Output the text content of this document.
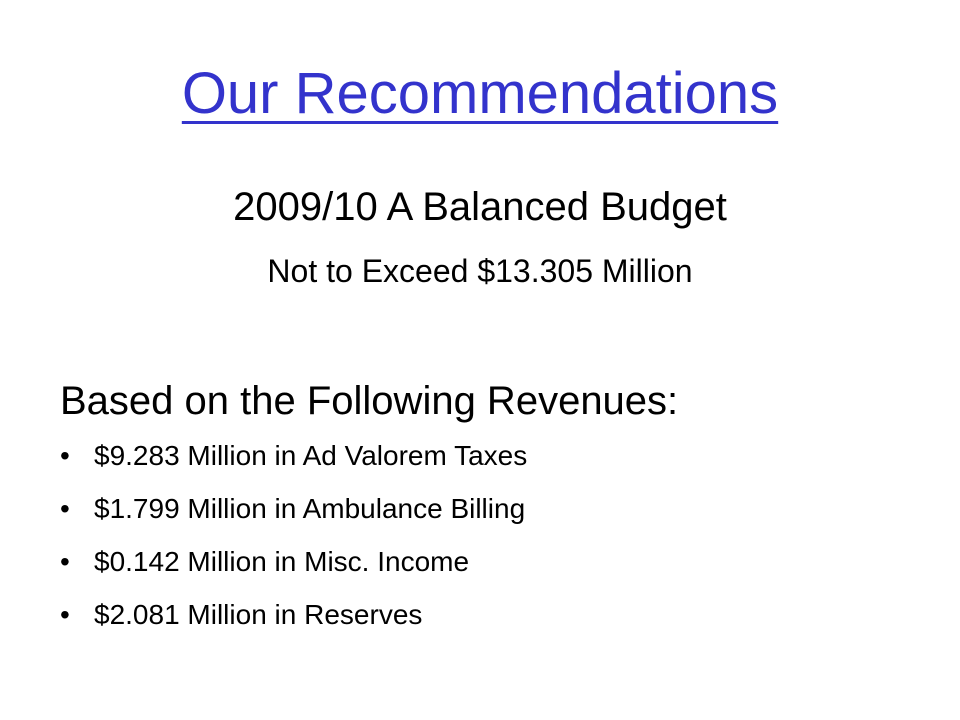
Our Recommendations
2009/10 A Balanced Budget
Not to Exceed $13.305 Million
Based on the Following Revenues:
• $9.283 Million in Ad Valorem Taxes
• $1.799 Million in Ambulance Billing
• $0.142 Million in Misc. Income
• $2.081 Million in Reserves
